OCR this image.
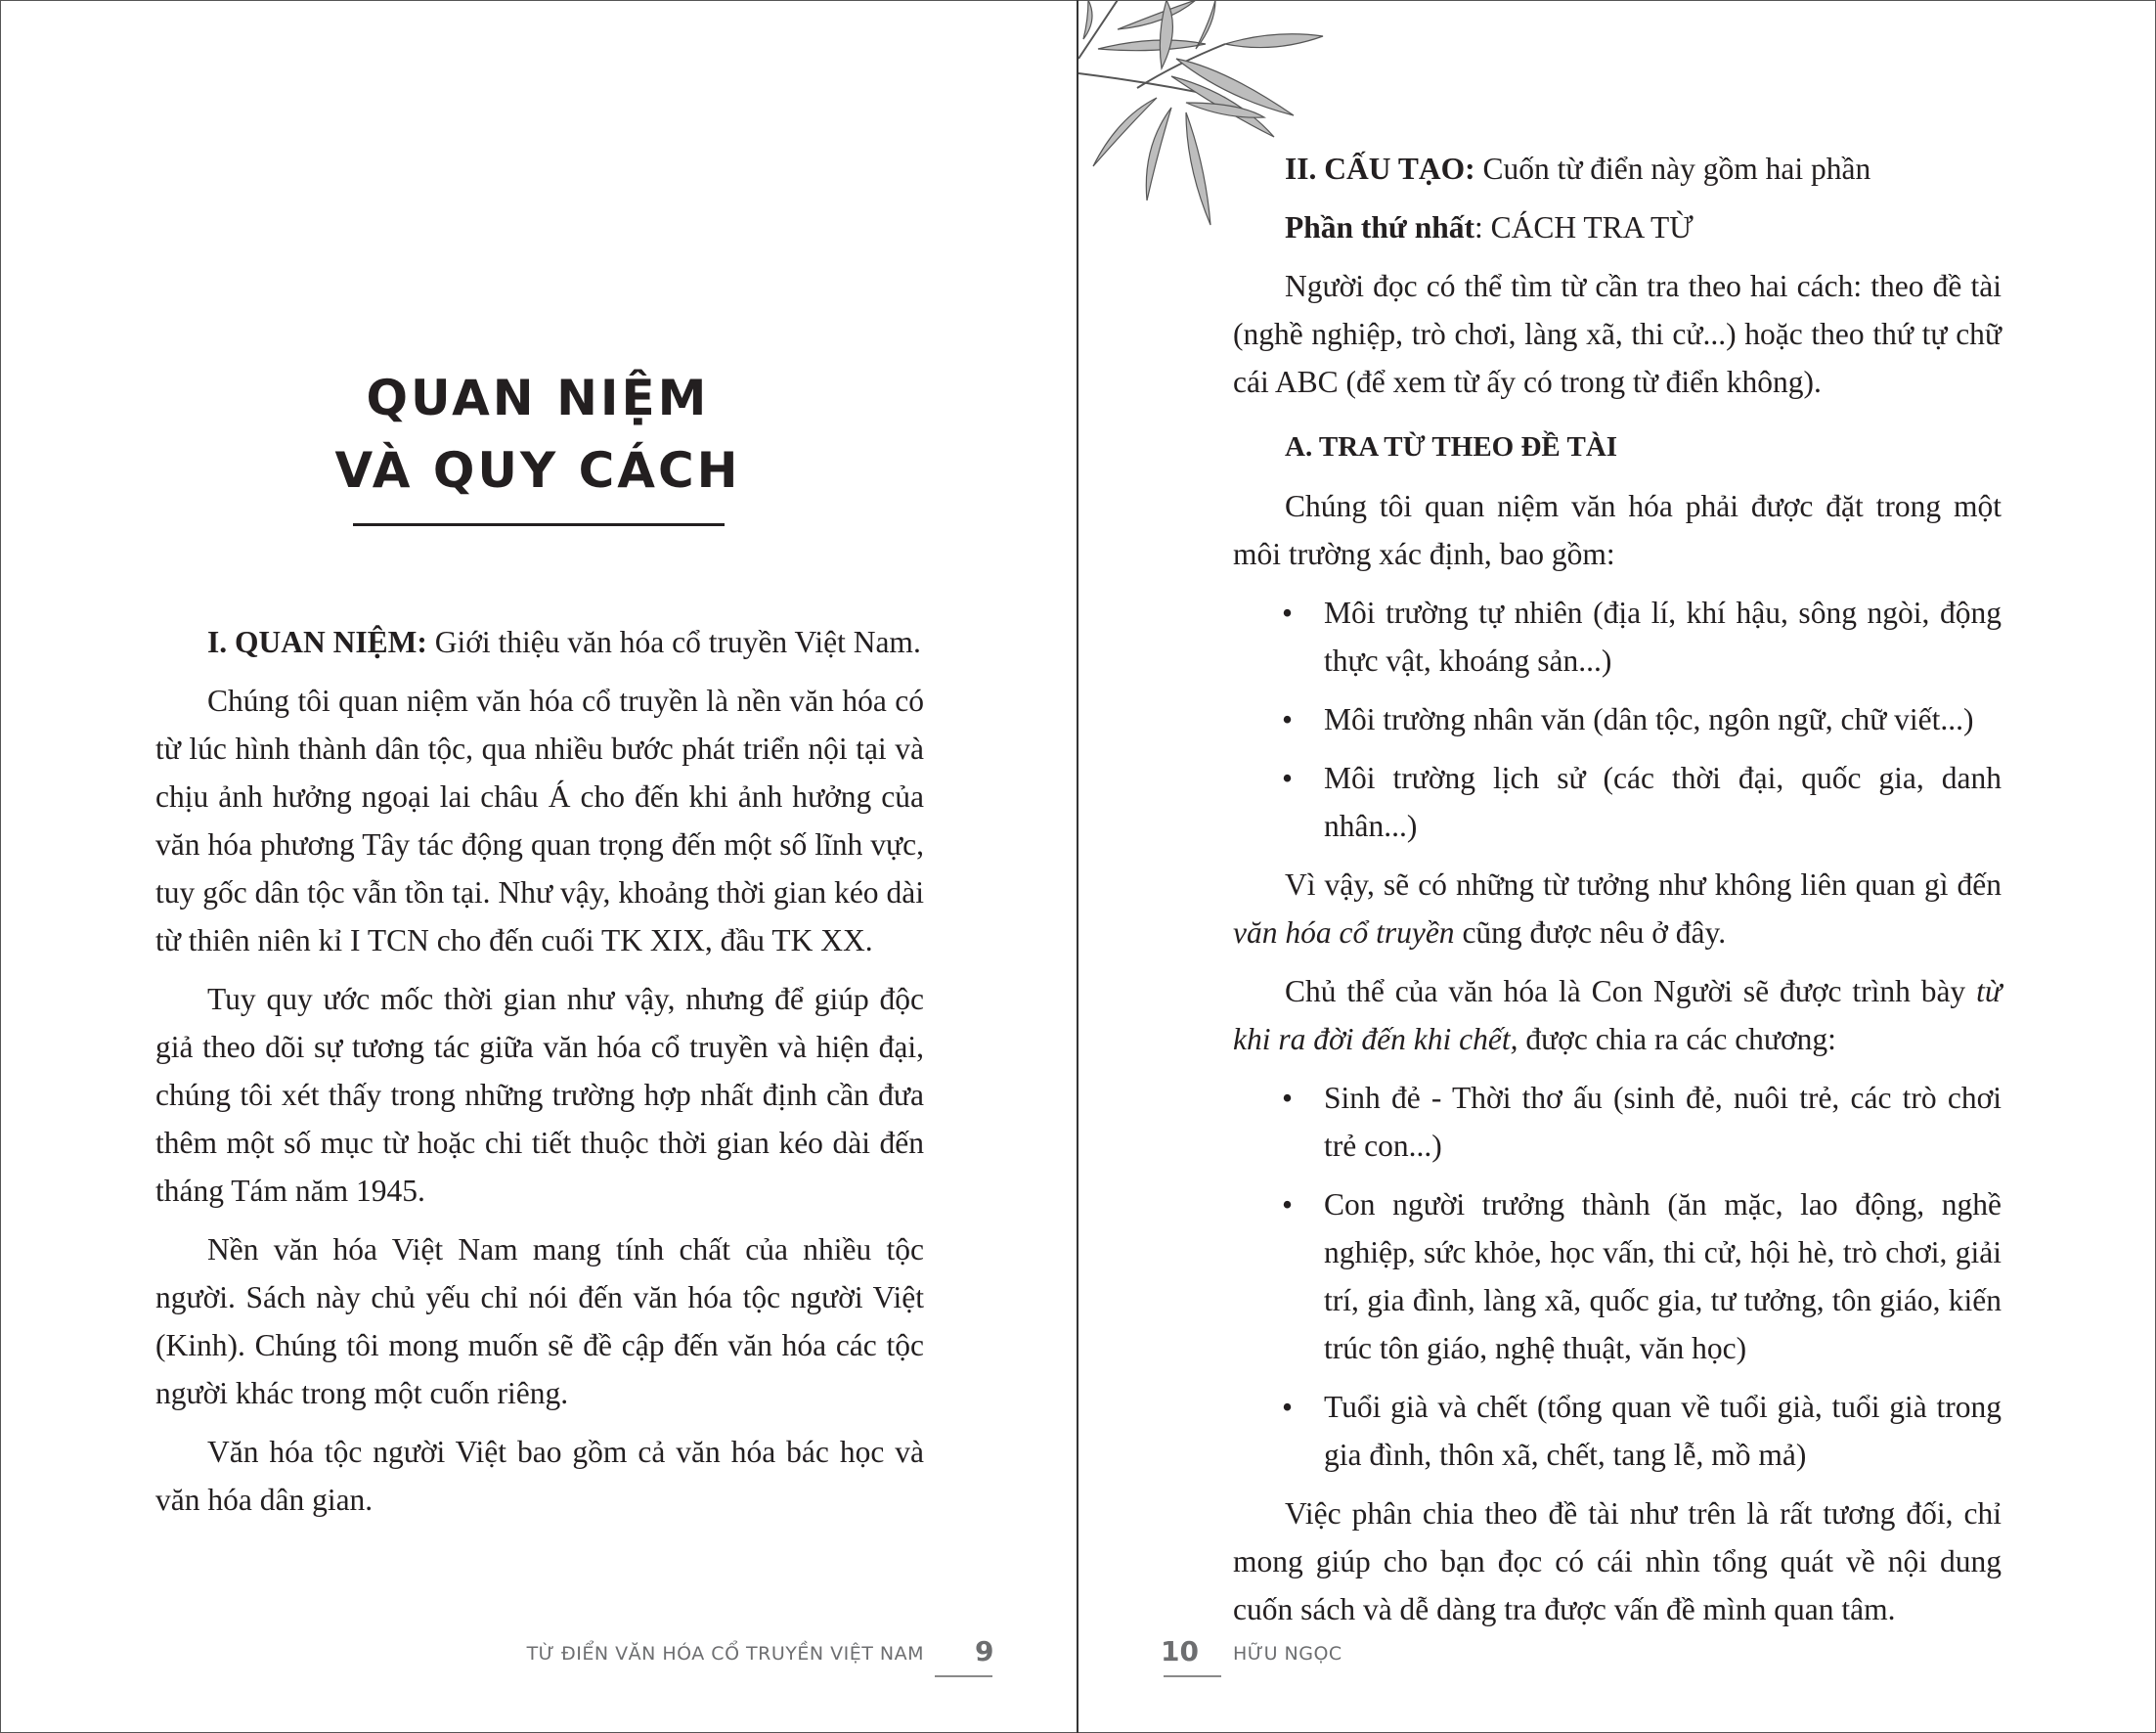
QUAN NIỆM
VÀ QUY CÁCH

I. QUAN NIỆM: Giới thiệu văn hóa cổ truyền Việt Nam.

Chúng tôi quan niệm văn hóa cổ truyền là nền văn hóa có từ lúc hình thành dân tộc, qua nhiều bước phát triển nội tại và chịu ảnh hưởng ngoại lai châu Á cho đến khi ảnh hưởng của văn hóa phương Tây tác động quan trọng đến một số lĩnh vực, tuy gốc dân tộc vẫn tồn tại. Như vậy, khoảng thời gian kéo dài từ thiên niên kỉ I TCN cho đến cuối TK XIX, đầu TK XX.

Tuy quy ước mốc thời gian như vậy, nhưng để giúp độc giả theo dõi sự tương tác giữa văn hóa cổ truyền và hiện đại, chúng tôi xét thấy trong những trường hợp nhất định cần đưa thêm một số mục từ hoặc chi tiết thuộc thời gian kéo dài đến tháng Tám năm 1945.

Nền văn hóa Việt Nam mang tính chất của nhiều tộc người. Sách này chủ yếu chỉ nói đến văn hóa tộc người Việt (Kinh). Chúng tôi mong muốn sẽ đề cập đến văn hóa các tộc người khác trong một cuốn riêng.

Văn hóa tộc người Việt bao gồm cả văn hóa bác học và văn hóa dân gian.

TỪ ĐIỂN VĂN HÓA CỔ TRUYỀN VIỆT NAM 9

II. CẤU TẠO: Cuốn từ điển này gồm hai phần

Phần thứ nhất: CÁCH TRA TỪ

Người đọc có thể tìm từ cần tra theo hai cách: theo đề tài (nghề nghiệp, trò chơi, làng xã, thi cử...) hoặc theo thứ tự chữ cái ABC (để xem từ ấy có trong từ điển không).

A. TRA TỪ THEO ĐỀ TÀI

Chúng tôi quan niệm văn hóa phải được đặt trong một môi trường xác định, bao gồm:

• Môi trường tự nhiên (địa lí, khí hậu, sông ngòi, động thực vật, khoáng sản...)
• Môi trường nhân văn (dân tộc, ngôn ngữ, chữ viết...)
• Môi trường lịch sử (các thời đại, quốc gia, danh nhân...)

Vì vậy, sẽ có những từ tưởng như không liên quan gì đến văn hóa cổ truyền cũng được nêu ở đây.

Chủ thể của văn hóa là Con Người sẽ được trình bày từ khi ra đời đến khi chết, được chia ra các chương:

• Sinh đẻ - Thời thơ ấu (sinh đẻ, nuôi trẻ, các trò chơi trẻ con...)
• Con người trưởng thành (ăn mặc, lao động, nghề nghiệp, sức khỏe, học vấn, thi cử, hội hè, trò chơi, giải trí, gia đình, làng xã, quốc gia, tư tưởng, tôn giáo, kiến trúc tôn giáo, nghệ thuật, văn học)
• Tuổi già và chết (tổng quan về tuổi già, tuổi già trong gia đình, thôn xã, chết, tang lễ, mồ mả)

Việc phân chia theo đề tài như trên là rất tương đối, chỉ mong giúp cho bạn đọc có cái nhìn tổng quát về nội dung cuốn sách và dễ dàng tra được vấn đề mình quan tâm.

10 HỮU NGỌC
